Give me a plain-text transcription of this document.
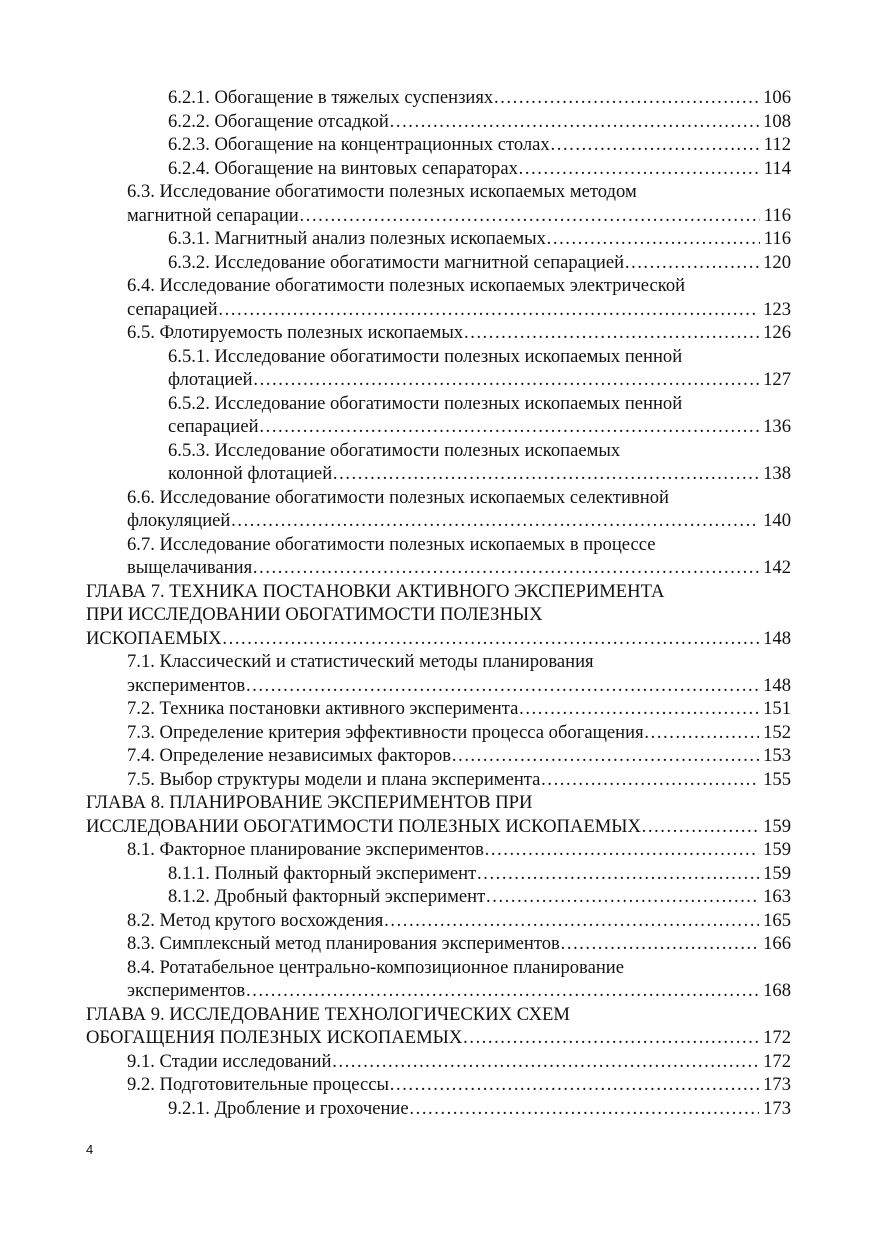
6.2.1. Обогащение в тяжелых суспензиях …………………………………………………………………………………………………………………………………………	106
6.2.2. Обогащение отсадкой …………………………………………………………………………………………………………………………………………	108
6.2.3. Обогащение на концентрационных столах …………………………………………………………………………………………………………………………………………	112
6.2.4. Обогащение на винтовых сепараторах …………………………………………………………………………………………………………………………………………	114
6.3. Исследование обогатимости полезных ископаемых методом
магнитной сепарации …………………………………………………………………………………………………………………………………………	116
6.3.1. Магнитный анализ полезных ископаемых …………………………………………………………………………………………………………………………………………	116
6.3.2. Исследование обогатимости магнитной сепарацией …………………………………………………………………………………………………………………………………………	120
6.4. Исследование обогатимости полезных ископаемых электрической
сепарацией …………………………………………………………………………………………………………………………………………	123
6.5. Флотируемость полезных ископаемых …………………………………………………………………………………………………………………………………………	126
6.5.1. Исследование обогатимости полезных ископаемых пенной
флотацией …………………………………………………………………………………………………………………………………………	127
6.5.2. Исследование обогатимости полезных ископаемых пенной
сепарацией …………………………………………………………………………………………………………………………………………	136
6.5.3. Исследование обогатимости полезных ископаемых
колонной флотацией …………………………………………………………………………………………………………………………………………	138
6.6. Исследование обогатимости полезных ископаемых селективной
флокуляцией …………………………………………………………………………………………………………………………………………	140
6.7. Исследование обогатимости полезных ископаемых в процессе
выщелачивания …………………………………………………………………………………………………………………………………………	142
ГЛАВА 7. ТЕХНИКА ПОСТАНОВКИ АКТИВНОГО ЭКСПЕРИМЕНТА
ПРИ ИССЛЕДОВАНИИ ОБОГАТИМОСТИ ПОЛЕЗНЫХ
ИСКОПАЕМЫХ …………………………………………………………………………………………………………………………………………	148
7.1. Классический и статистический методы планирования
экспериментов …………………………………………………………………………………………………………………………………………	148
7.2. Техника постановки активного эксперимента …………………………………………………………………………………………………………………………………………	151
7.3. Определение критерия эффективности процесса обогащения …………………………………………………………………………………………………………………………………………	152
7.4. Определение независимых факторов …………………………………………………………………………………………………………………………………………	153
7.5. Выбор структуры модели и плана эксперимента …………………………………………………………………………………………………………………………………………	155
ГЛАВА 8. ПЛАНИРОВАНИЕ ЭКСПЕРИМЕНТОВ ПРИ
ИССЛЕДОВАНИИ ОБОГАТИМОСТИ ПОЛЕЗНЫХ ИСКОПАЕМЫХ …………………………………………………………………………………………………………………………………………	159
8.1. Факторное планирование экспериментов …………………………………………………………………………………………………………………………………………	159
8.1.1. Полный факторный эксперимент …………………………………………………………………………………………………………………………………………	159
8.1.2. Дробный факторный эксперимент …………………………………………………………………………………………………………………………………………	163
8.2. Метод крутого восхождения …………………………………………………………………………………………………………………………………………	165
8.3. Симплексный метод планирования экспериментов …………………………………………………………………………………………………………………………………………	166
8.4. Ротатабельное центрально-композиционное планирование
экспериментов …………………………………………………………………………………………………………………………………………	168
ГЛАВА 9. ИССЛЕДОВАНИЕ ТЕХНОЛОГИЧЕСКИХ СХЕМ
ОБОГАЩЕНИЯ ПОЛЕЗНЫХ ИСКОПАЕМЫХ …………………………………………………………………………………………………………………………………………	172
9.1. Стадии исследований …………………………………………………………………………………………………………………………………………	172
9.2. Подготовительные процессы …………………………………………………………………………………………………………………………………………	173
9.2.1. Дробление и грохочение …………………………………………………………………………………………………………………………………………	173
4
